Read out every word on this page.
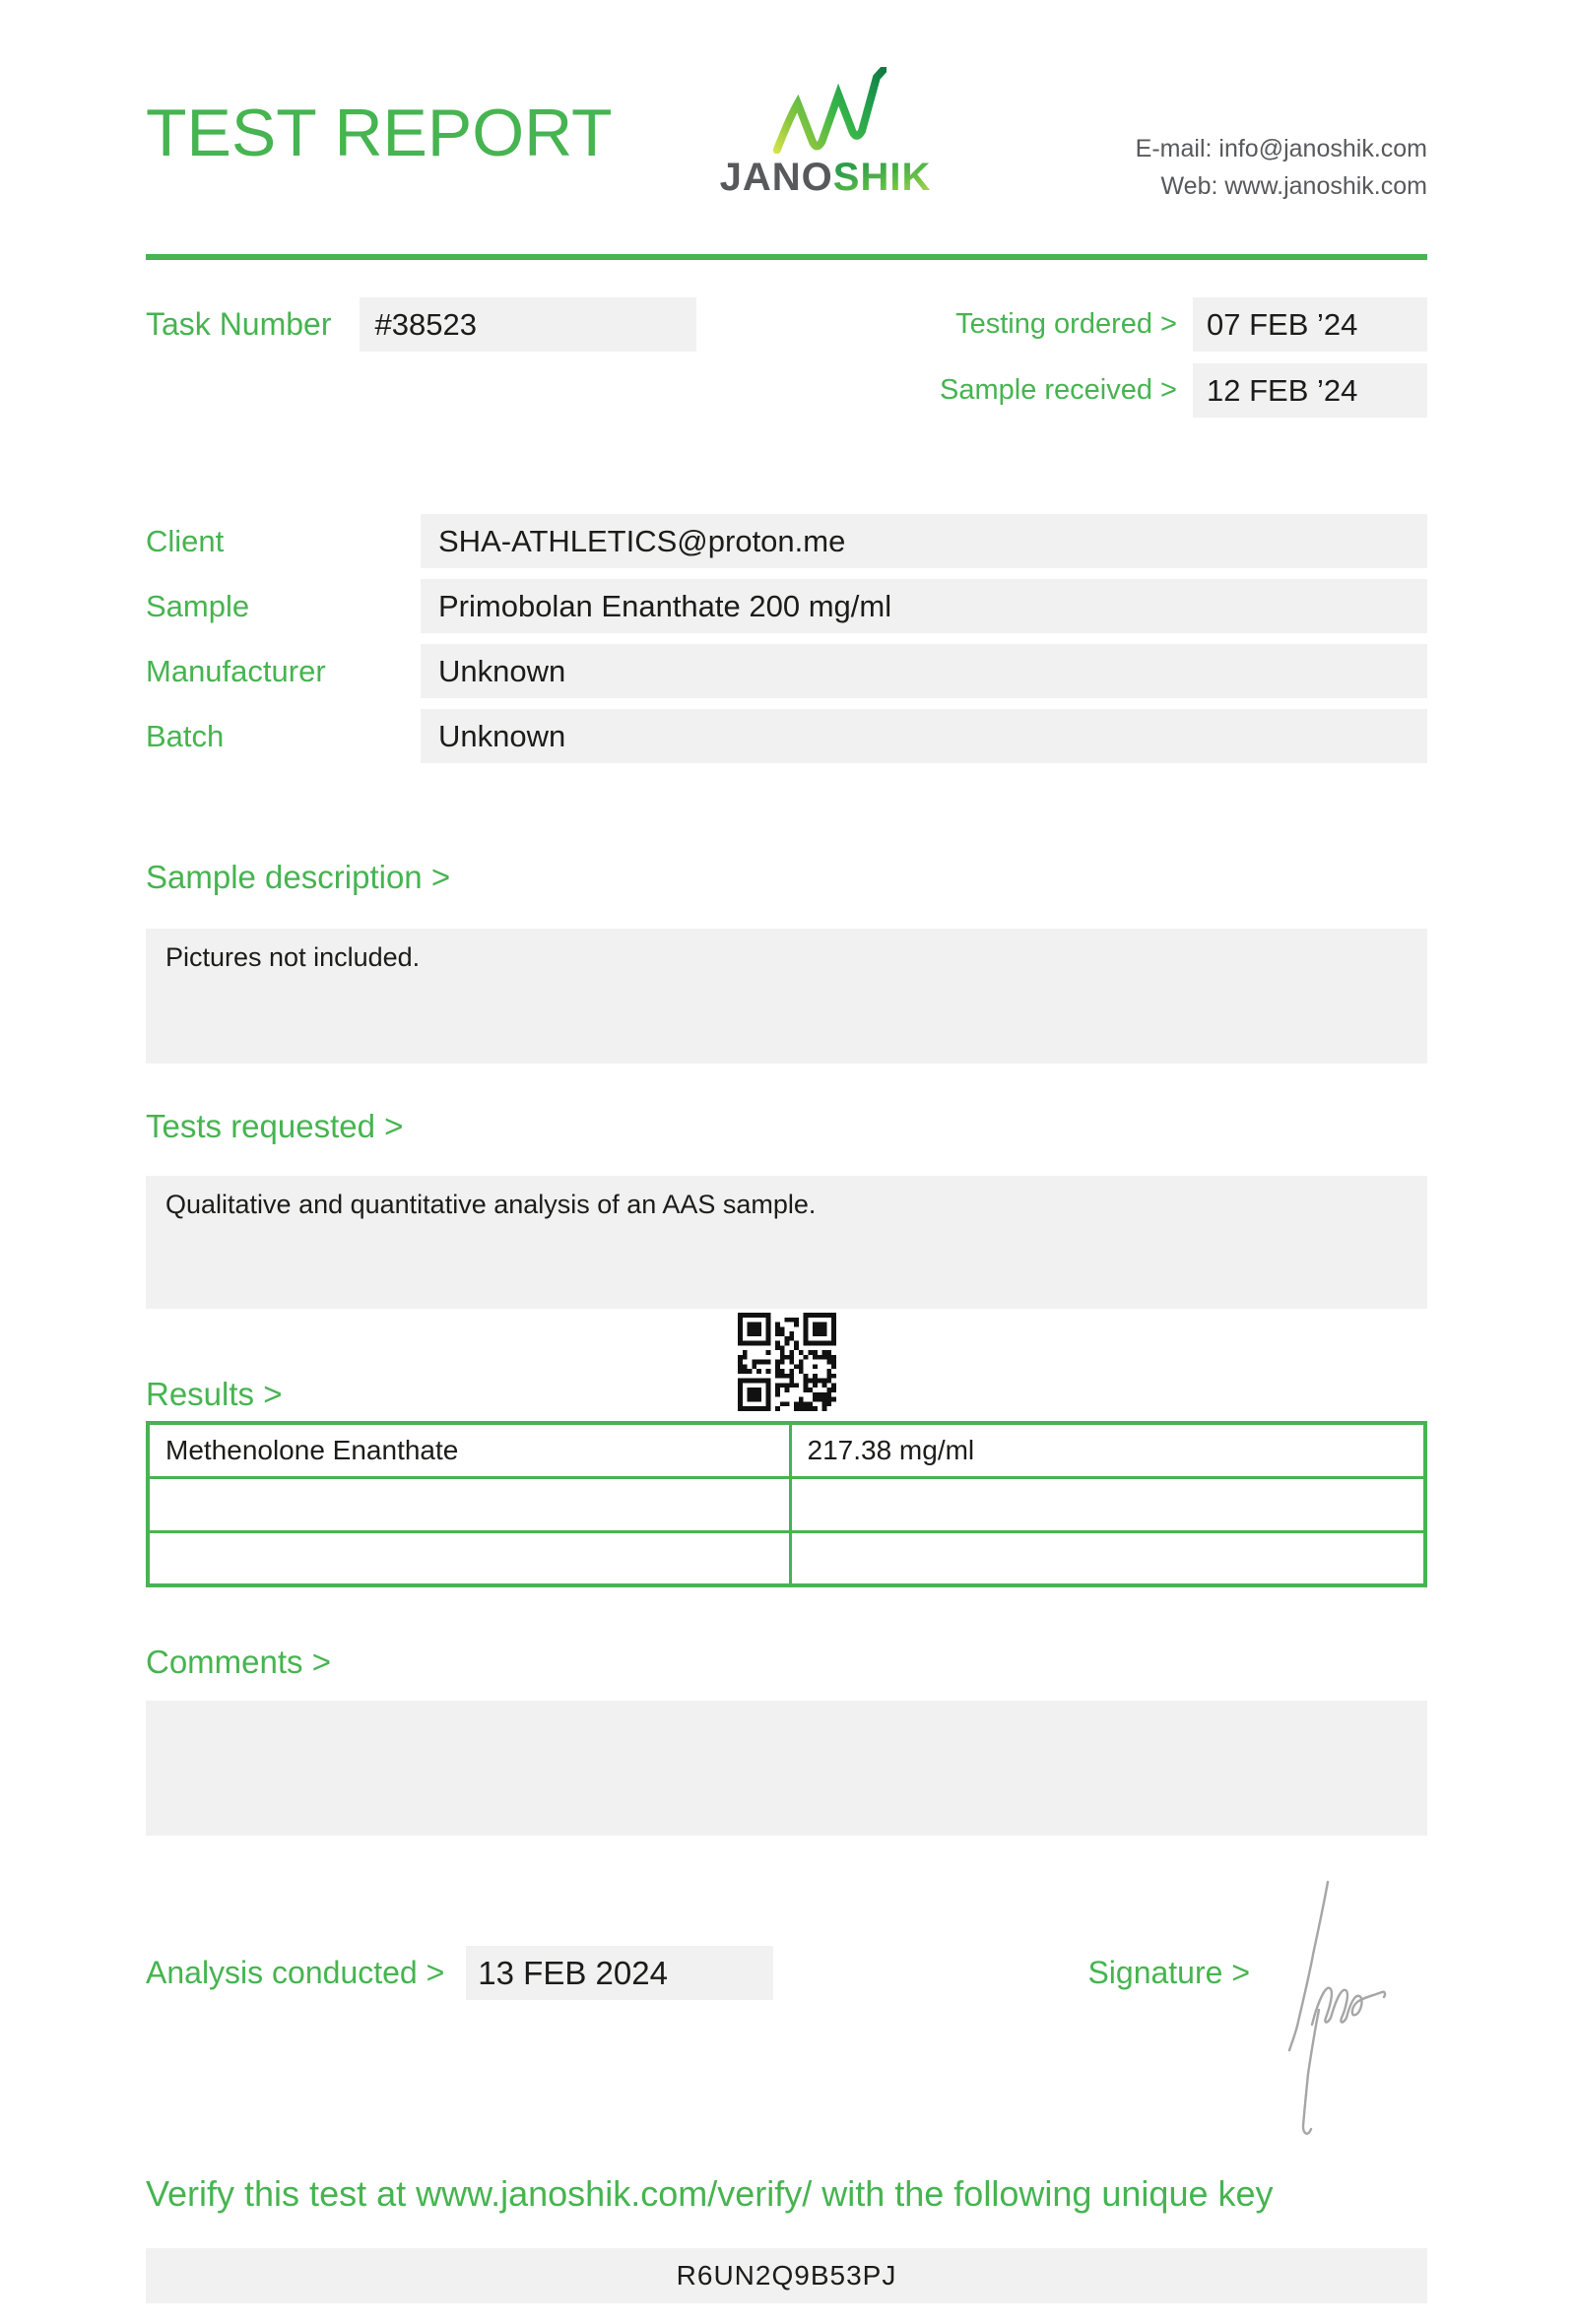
TEST REPORT
JANOSHIK
E-mail: info@janoshik.com
Web: www.janoshik.com
Task Number	#38523	Testing ordered > 07 FEB ’24
Sample received > 12 FEB ’24
Client	SHA-ATHLETICS@proton.me
Sample	Primobolan Enanthate 200 mg/ml
Manufacturer	Unknown
Batch	Unknown
Sample description >
Pictures not included.
Tests requested >
Qualitative and quantitative analysis of an AAS sample.
Results >
Methenolone Enanthate	217.38 mg/ml

Comments >
Analysis conducted >	13 FEB 2024	Signature >
Verify this test at www.janoshik.com/verify/ with the following unique key
R6UN2Q9B53PJ
